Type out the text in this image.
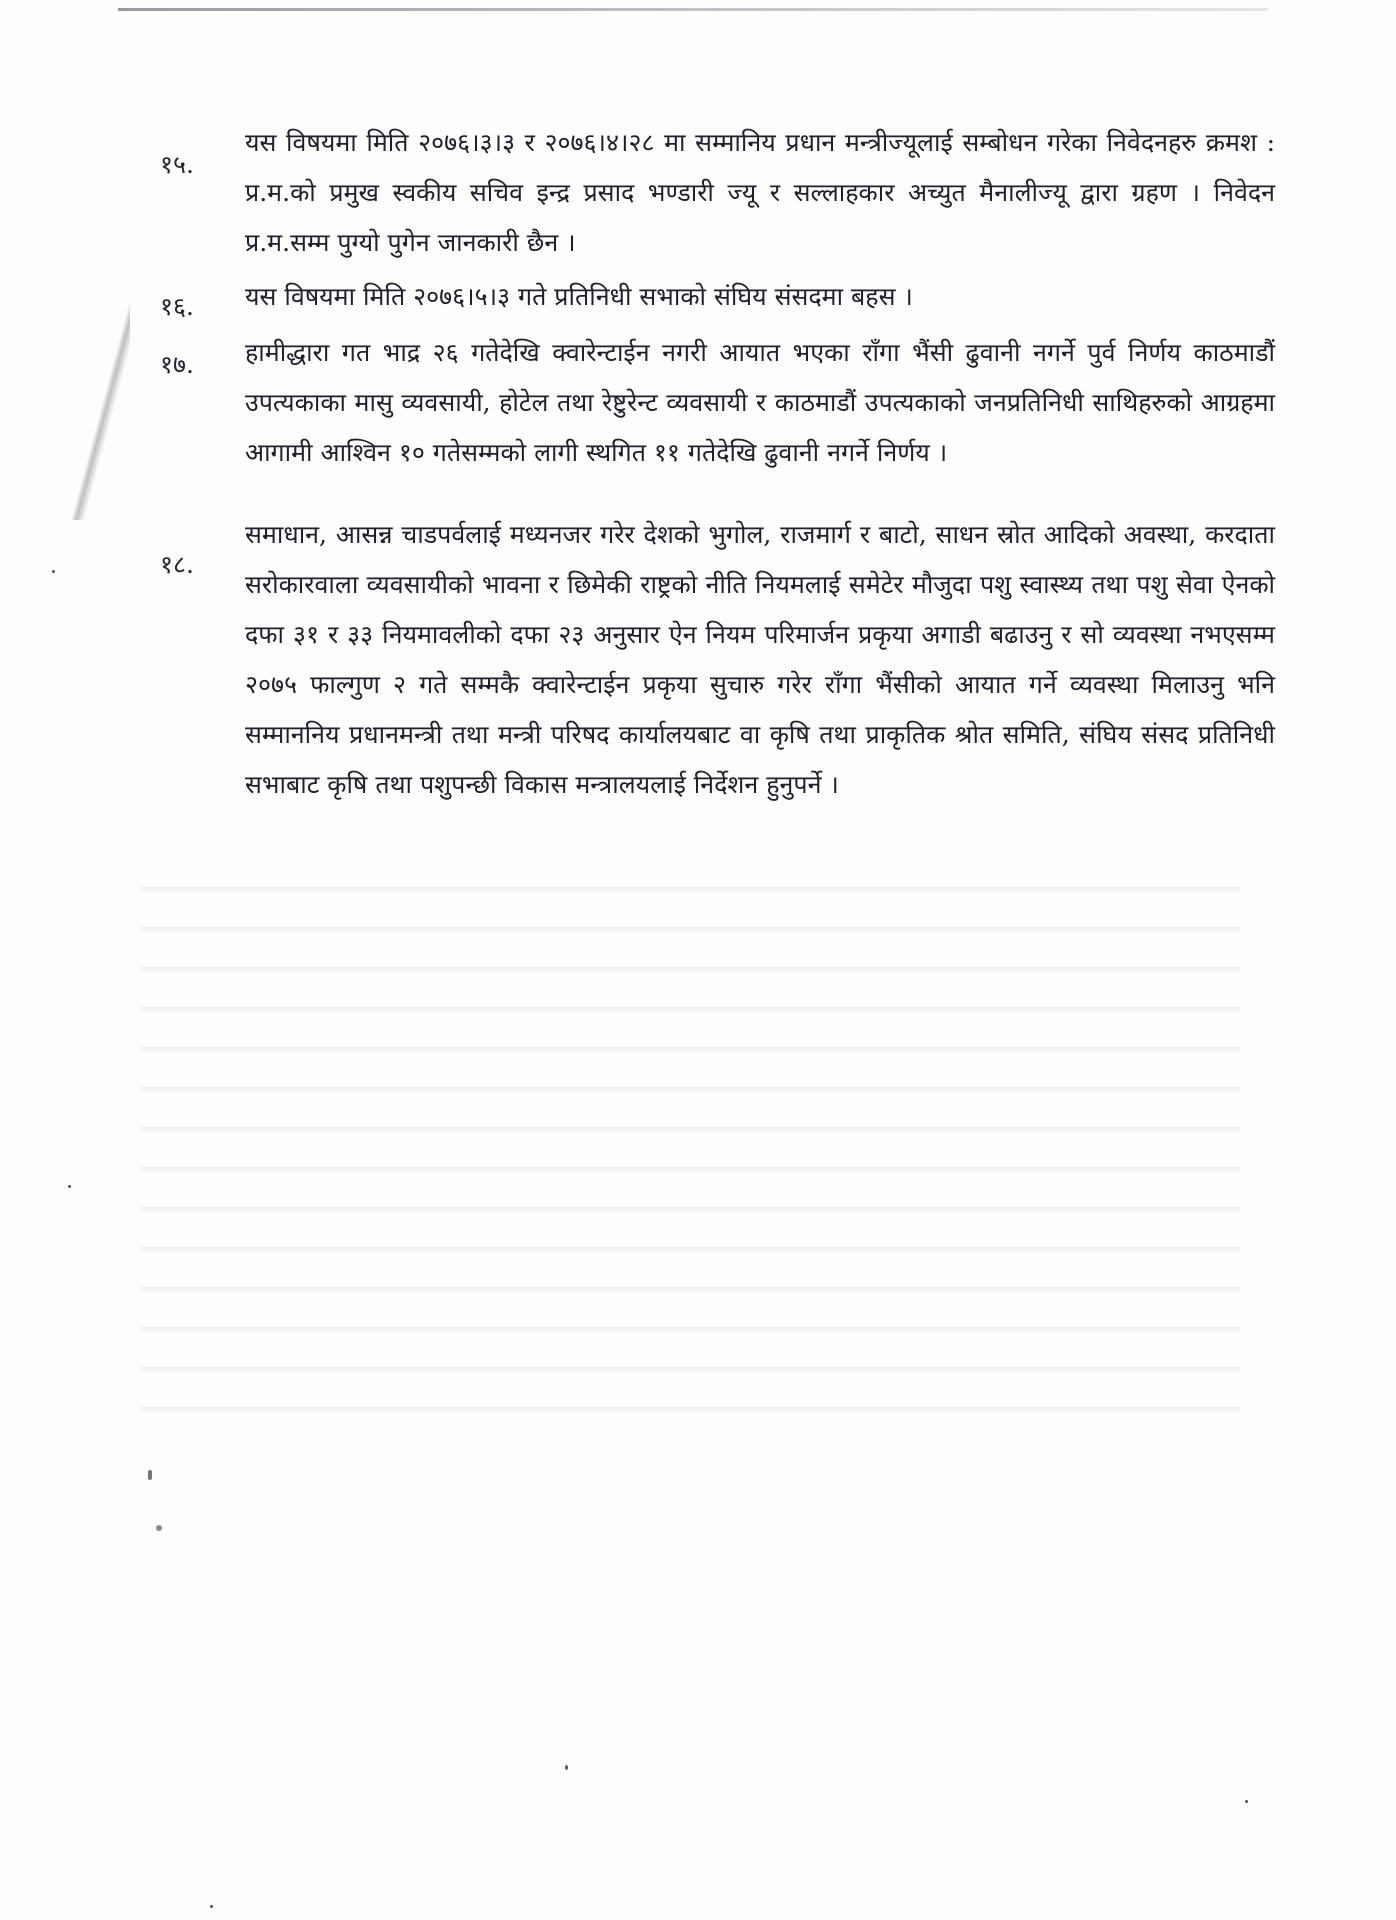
१५.
यस विषयमा मिति २०७६।३।३ र २०७६।४।२८ मा सम्मानिय प्रधान मन्त्रीज्यूलाई सम्बोधन गरेका निवेदनहरु क्रमश : प्र.म.को प्रमुख स्वकीय सचिव इन्द्र प्रसाद भण्डारी ज्यू र सल्लाहकार अच्युत मैनालीज्यू द्वारा ग्रहण । निवेदन प्र.म.सम्म पुग्यो पुगेन जानकारी छैन ।
१६. यस विषयमा मिति २०७६।५।३ गते प्रतिनिधी सभाको संघिय संसदमा बहस ।
१७. हामीद्धारा गत भाद्र २६ गतेदेखि क्वारेन्टाईन नगरी आयात भएका राँगा भैंसी ढुवानी नगर्ने पुर्व निर्णय काठमाडौं उपत्यकाका मासु व्यवसायी, होटेल तथा रेष्टुरेन्ट व्यवसायी र काठमाडौं उपत्यकाको जनप्रतिनिधी साथिहरुको आग्रहमा आगामी आश्विन १० गतेसम्मको लागी स्थगित ११ गतेदेखि ढुवानी नगर्ने निर्णय ।
१८.
समाधान, आसन्न चाडपर्वलाई मध्यनजर गरेर देशको भुगोल, राजमार्ग र बाटो, साधन स्रोत आदिको अवस्था, करदाता सरोकारवाला व्यवसायीको भावना र छिमेकी राष्ट्रको नीति नियमलाई समेटेर मौजुदा पशु स्वास्थ्य तथा पशु सेवा ऐनको दफा ३१ र ३३ नियमावलीको दफा २३ अनुसार ऐन नियम परिमार्जन प्रकृया अगाडी बढाउनु र सो व्यवस्था नभएसम्म २०७५ फाल्गुण २ गते सम्मकै क्वारेन्टाईन प्रकृया सुचारु गरेर राँगा भैंसीको आयात गर्ने व्यवस्था मिलाउनु भनि सम्माननिय प्रधानमन्त्री तथा मन्त्री परिषद कार्यालयबाट वा कृषि तथा प्राकृतिक श्रोत समिति, संघिय संसद प्रतिनिधी सभाबाट कृषि तथा पशुपन्छी विकास मन्त्रालयलाई निर्देशन हुनुपर्ने ।
